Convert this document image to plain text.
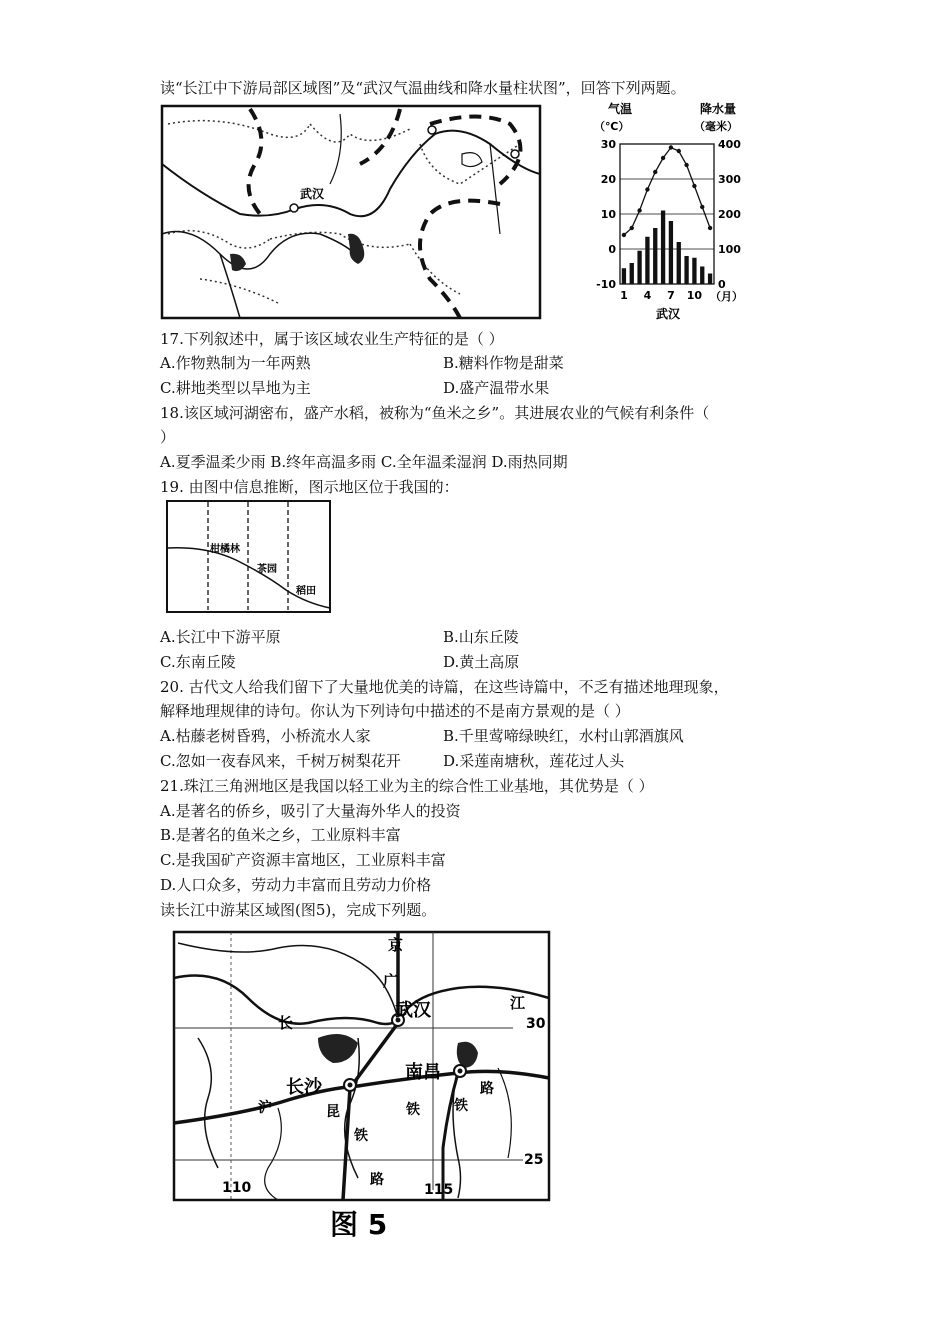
读“长江中下游局部区域图”及“武汉气温曲线和降水量柱状图”，回答下列两题。
武汉
气温
（℃）
降水量
（毫米）
30
20
10
0
-10
400
300
200
100
0
1 4 7 10 （月）
武汉
17.下列叙述中，属于该区域农业生产特征的是（ ）
A.作物熟制为一年两熟	B.糖料作物是甜菜
C.耕地类型以旱地为主	D.盛产温带水果
18.该区域河湖密布，盛产水稻，被称为“鱼米之乡”。其进展农业的气候有利条件（
）
A.夏季温柔少雨 B.终年高温多雨 C.全年温柔湿润 D.雨热同期
19. 由图中信息推断，图示地区位于我国的：
柑橘林
茶园
稻田
A.长江中下游平原	B.山东丘陵
C.东南丘陵	D.黄土高原
20. 古代文人给我们留下了大量地优美的诗篇，在这些诗篇中，不乏有描述地理现象，
解释地理规律的诗句。你认为下列诗句中描述的不是南方景观的是（ ）
A.枯藤老树昏鸦，小桥流水人家	B.千里莺啼绿映红，水村山郭酒旗风
C.忽如一夜春风来，千树万树梨花开	D.采莲南塘秋，莲花过人头
21.珠江三角洲地区是我国以轻工业为主的综合性工业基地，其优势是（ ）
A.是著名的侨乡，吸引了大量海外华人的投资
B.是著名的鱼米之乡，工业原料丰富
C.是我国矿产资源丰富地区，工业原料丰富
D.人口众多，劳动力丰富而且劳动力价格
读长江中游某区域图(图5)，完成下列题。
武汉
长沙
南昌
30
25
110	115
京
广
长
江
沪	昆
铁
铁 铁
路
路
图 5
